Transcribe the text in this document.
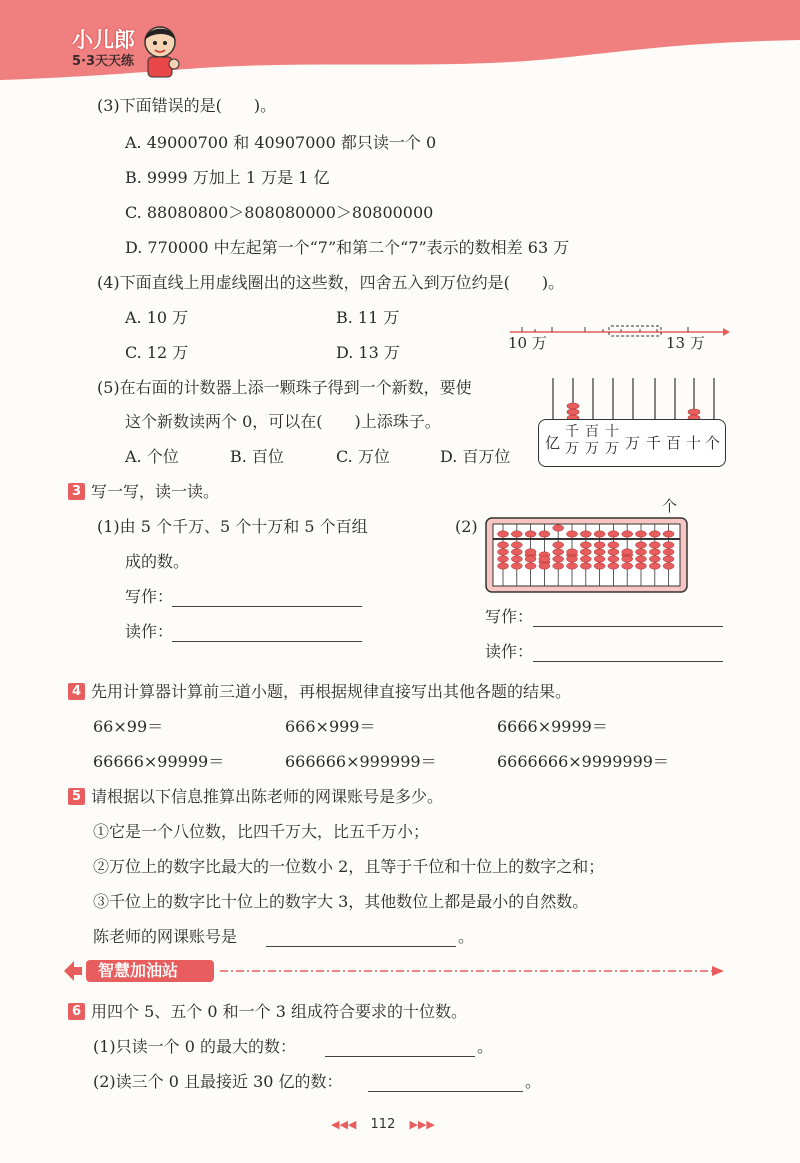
小儿郎
5·3天天练
(3)下面错误的是(　　)。
A. 49000700 和 40907000 都只读一个 0
B. 9999 万加上 1 万是 1 亿
C. 88080800＞808080000＞80800000
D. 770000 中左起第一个“7”和第二个“7”表示的数相差 63 万
(4)下面直线上用虚线圈出的这些数，四舍五入到万位约是(　　)。
A. 10 万	B. 11 万
C. 12 万	D. 13 万	10 万	13 万
(5)在右面的计数器上添一颗珠子得到一个新数，要使
这个新数读两个 0，可以在(　　)上添珠子。
A. 个位	B. 百位	C. 万位	D. 百万位
亿
千万
百万
十万 万 千 百 十 个
3 写一写，读一读。
(1)由 5 个千万、5 个十万和 5 个百组
成的数。
写作：
读作：
(2)
个
写作：
读作：
4 先用计算器计算前三道小题，再根据规律直接写出其他各题的结果。
66×99＝	666×999＝	6666×9999＝
66666×99999＝	666666×999999＝	6666666×9999999＝
5 请根据以下信息推算出陈老师的网课账号是多少。
①它是一个八位数，比四千万大，比五千万小；
②万位上的数字比最大的一位数小 2，且等于千位和十位上的数字之和；
③千位上的数字比十位上的数字大 3，其他数位上都是最小的自然数。
陈老师的网课账号是	。
智慧加油站
6 用四个 5、五个 0 和一个 3 组成符合要求的十位数。
(1)只读一个 0 的最大的数：	。
(2)读三个 0 且最接近 30 亿的数：	。
◀◀◀ 112 ▶▶▶
